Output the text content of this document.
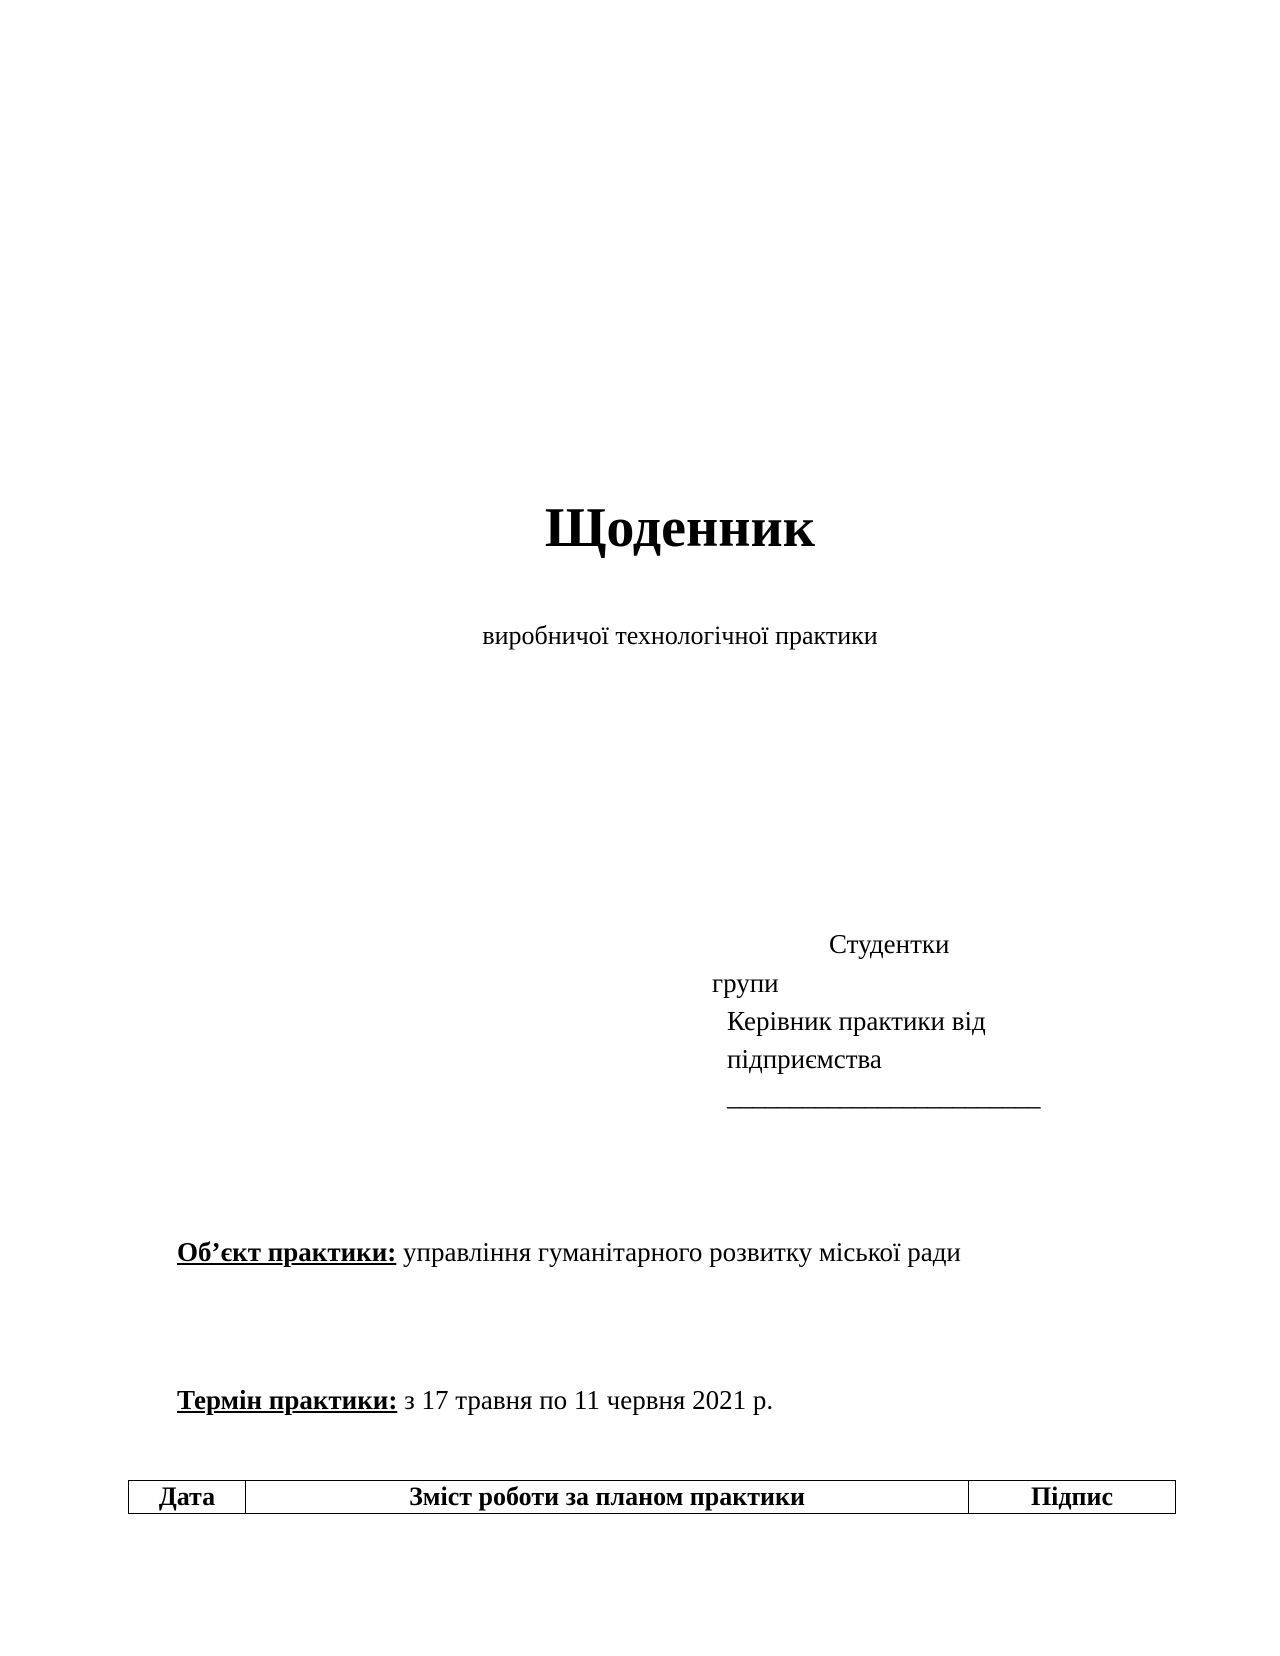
Щоденник
виробничої технологічної практики
Студентки
групи
Керівник практики від
підприємства
_________________________
Об’єкт практики: управління гуманітарного розвитку міської ради
Термін практики: з 17 травня по 11 червня 2021 р.
Дата	Зміст роботи за планом практики	Підпис
